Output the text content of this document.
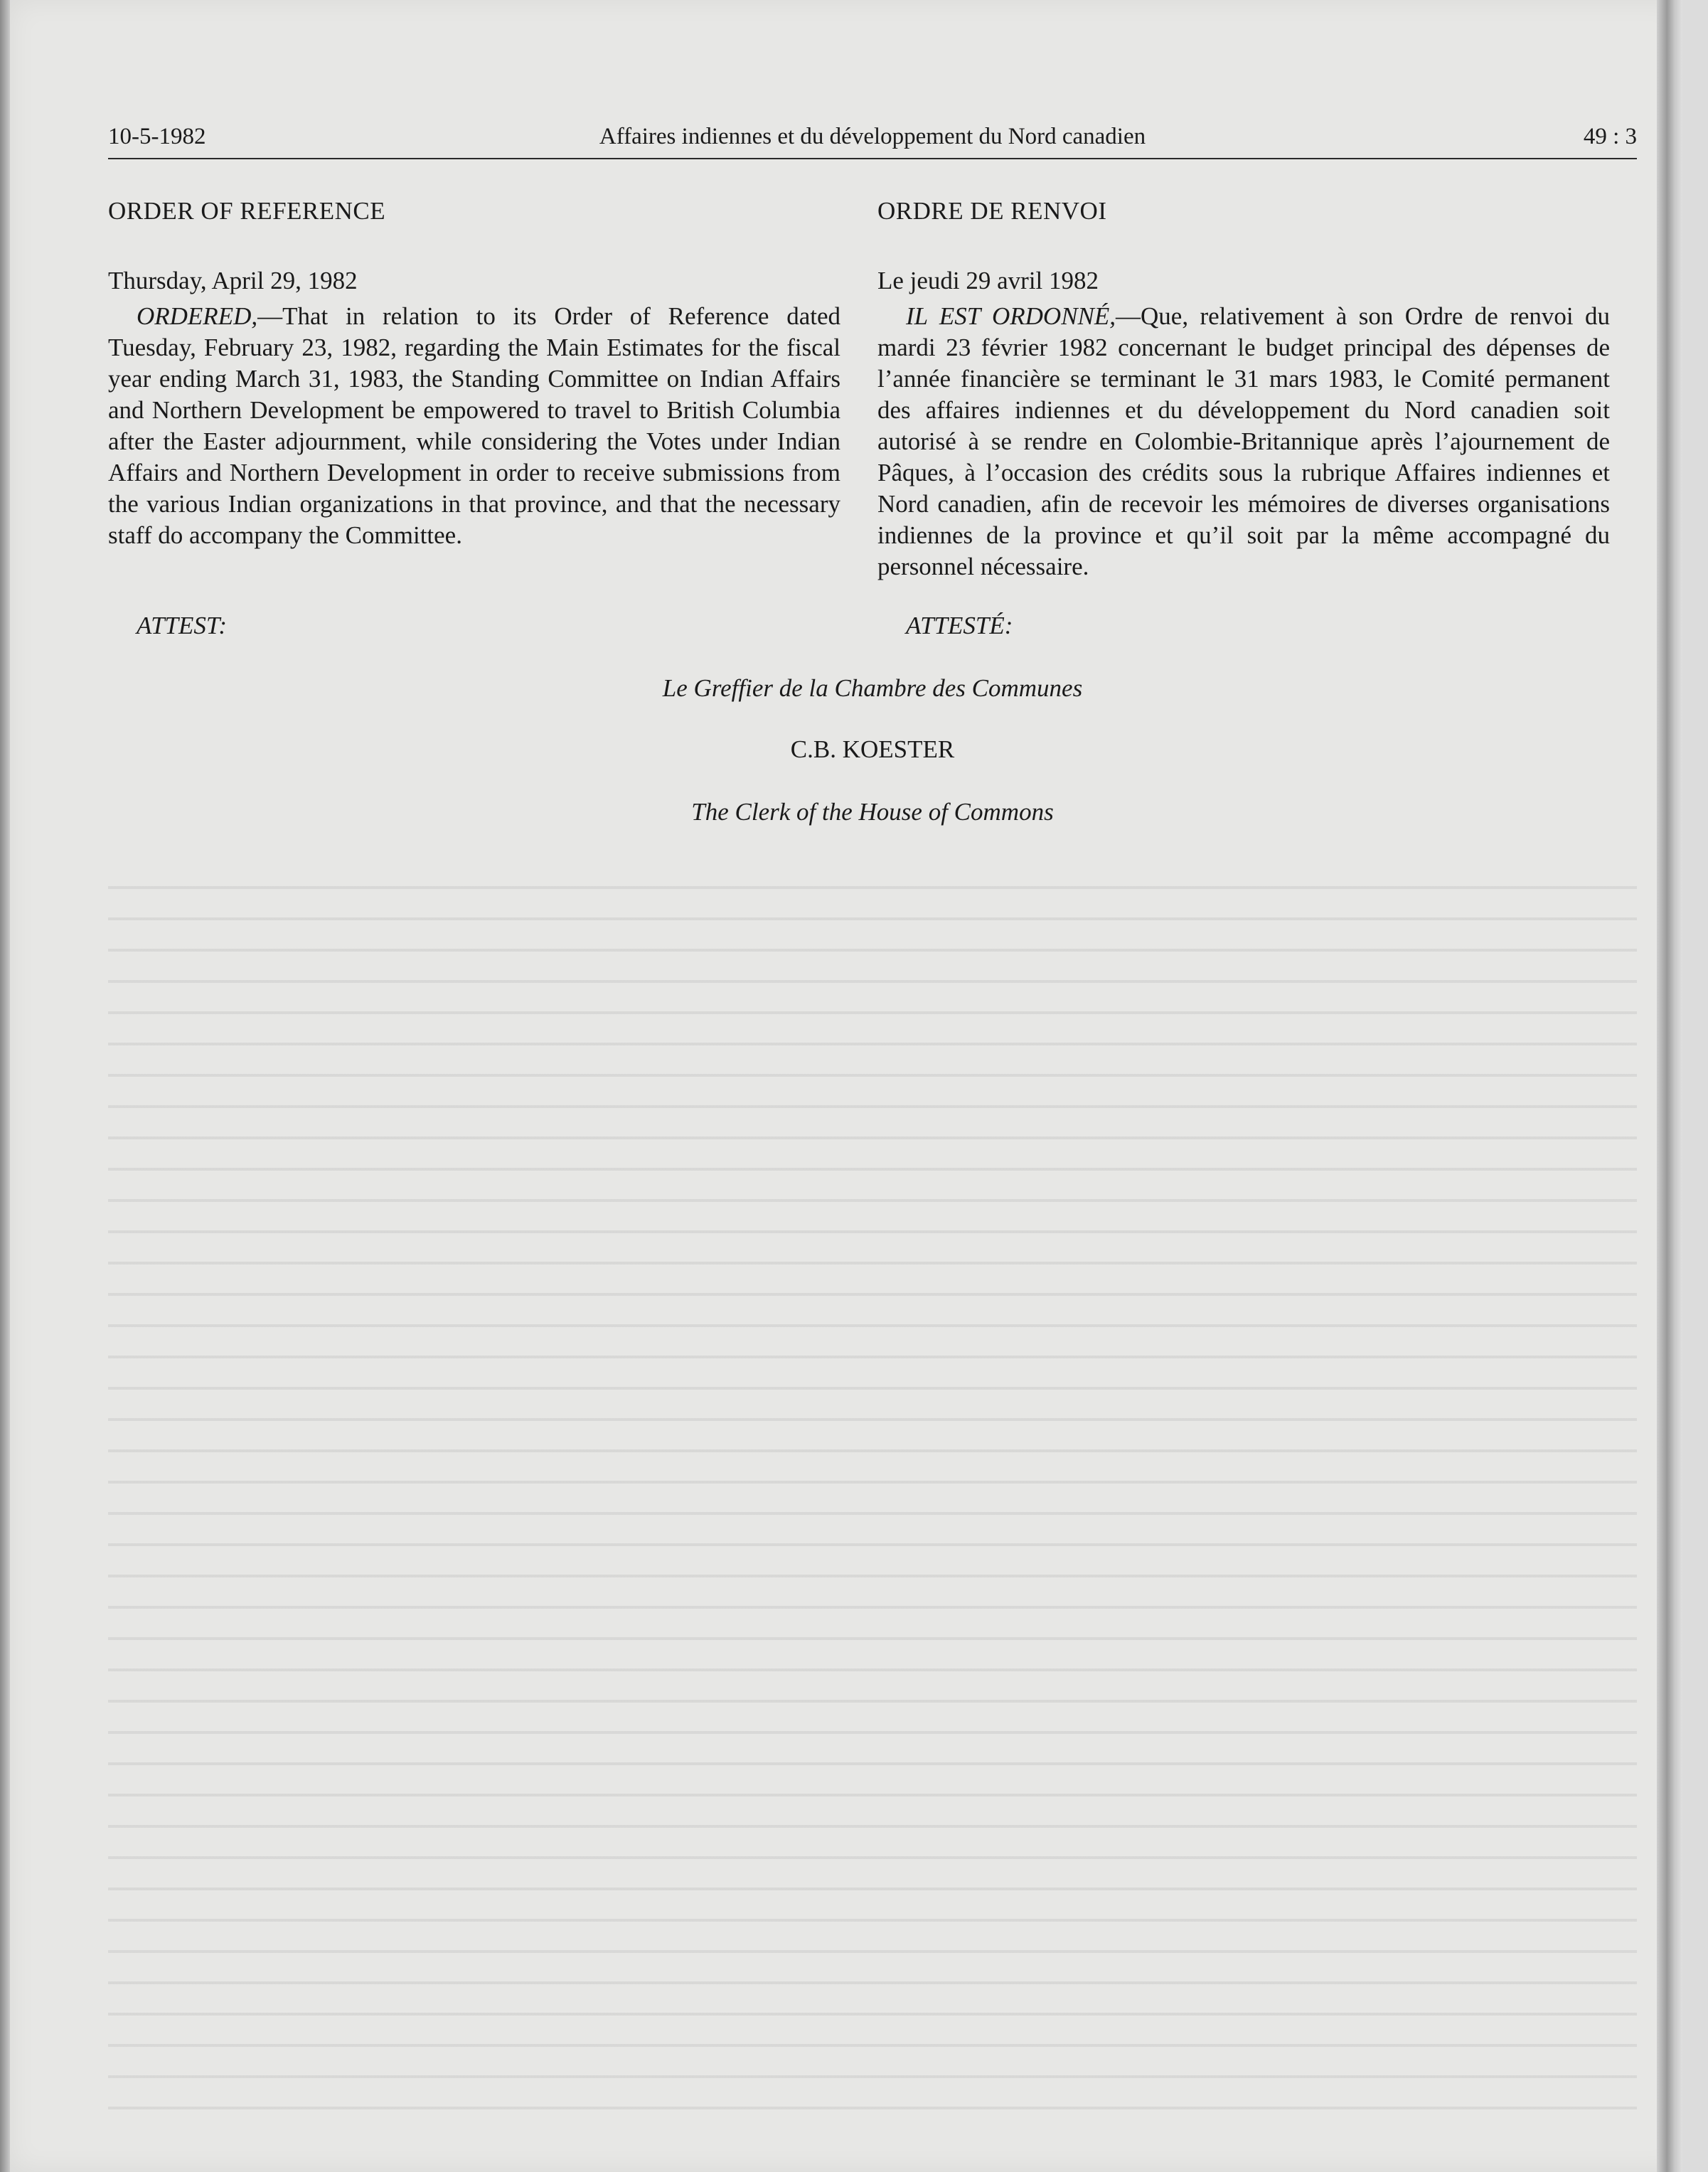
10-5-1982	Affaires indiennes et du développement du Nord canadien	49 : 3
ORDER OF REFERENCE
Thursday, April 29, 1982

ORDERED,—That in relation to its Order of Reference dated Tuesday, February 23, 1982, regarding the Main Estimates for the fiscal year ending March 31, 1983, the Standing Committee on Indian Affairs and Northern Development be empowered to travel to British Columbia after the Easter adjournment, while considering the Votes under Indian Affairs and Northern Development in order to receive submissions from the various Indian organizations in that province, and that the necessary staff do accompany the Committee.

ORDRE DE RENVOI
Le jeudi 29 avril 1982

IL EST ORDONNÉ,—Que, relativement à son Ordre de renvoi du mardi 23 février 1982 concernant le budget principal des dépenses de l’année financière se terminant le 31 mars 1983, le Comité permanent des affaires indiennes et du développement du Nord canadien soit autorisé à se rendre en Colombie-Britannique après l’ajournement de Pâques, à l’occasion des crédits sous la rubrique Affaires indiennes et Nord canadien, afin de recevoir les mémoires de diverses organisations indiennes de la province et qu’il soit par la même accompagné du personnel nécessaire.

ATTEST:	ATTESTÉ:
Le Greffier de la Chambre des Communes
C.B. KOESTER
The Clerk of the House of Commons
